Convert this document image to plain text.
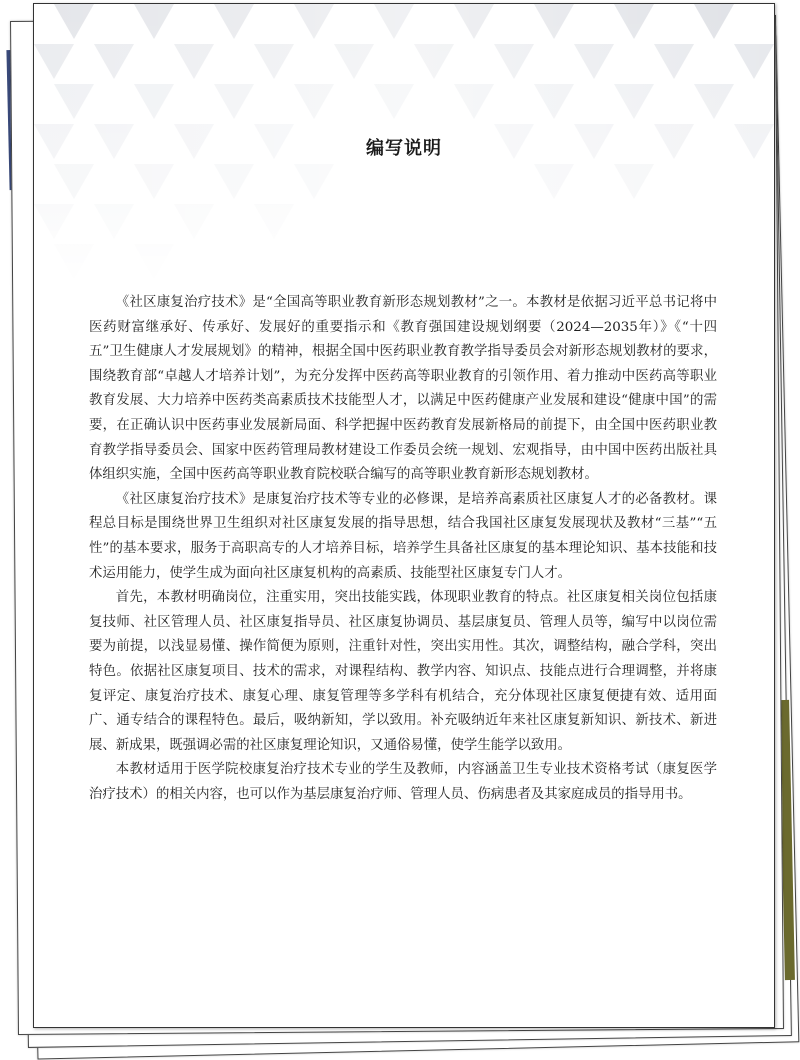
编写说明

《社区康复治疗技术》是“全国高等职业教育新形态规划教材”之一。本教材是依据习近平总书记将中医药财富继承好、传承好、发展好的重要指示和《教育强国建设规划纲要（2024—2035年）》《“十四五”卫生健康人才发展规划》的精神，根据全国中医药职业教育教学指导委员会对新形态规划教材的要求，围绕教育部“卓越人才培养计划”，为充分发挥中医药高等职业教育的引领作用、着力推动中医药高等职业教育发展、大力培养中医药类高素质技术技能型人才，以满足中医药健康产业发展和建设“健康中国”的需要，在正确认识中医药事业发展新局面、科学把握中医药教育发展新格局的前提下，由全国中医药职业教育教学指导委员会、国家中医药管理局教材建设工作委员会统一规划、宏观指导，由中国中医药出版社具体组织实施，全国中医药高等职业教育院校联合编写的高等职业教育新形态规划教材。

《社区康复治疗技术》是康复治疗技术等专业的必修课，是培养高素质社区康复人才的必备教材。课程总目标是围绕世界卫生组织对社区康复发展的指导思想，结合我国社区康复发展现状及教材“三基”“五性”的基本要求，服务于高职高专的人才培养目标，培养学生具备社区康复的基本理论知识、基本技能和技术运用能力，使学生成为面向社区康复机构的高素质、技能型社区康复专门人才。

首先，本教材明确岗位，注重实用，突出技能实践，体现职业教育的特点。社区康复相关岗位包括康复技师、社区管理人员、社区康复指导员、社区康复协调员、基层康复员、管理人员等，编写中以岗位需要为前提，以浅显易懂、操作简便为原则，注重针对性，突出实用性。其次，调整结构，融合学科，突出特色。依据社区康复项目、技术的需求，对课程结构、教学内容、知识点、技能点进行合理调整，并将康复评定、康复治疗技术、康复心理、康复管理等多学科有机结合，充分体现社区康复便捷有效、适用面广、通专结合的课程特色。最后，吸纳新知，学以致用。补充吸纳近年来社区康复新知识、新技术、新进展、新成果，既强调必需的社区康复理论知识，又通俗易懂，使学生能学以致用。

本教材适用于医学院校康复治疗技术专业的学生及教师，内容涵盖卫生专业技术资格考试（康复医学治疗技术）的相关内容，也可以作为基层康复治疗师、管理人员、伤病患者及其家庭成员的指导用书。
